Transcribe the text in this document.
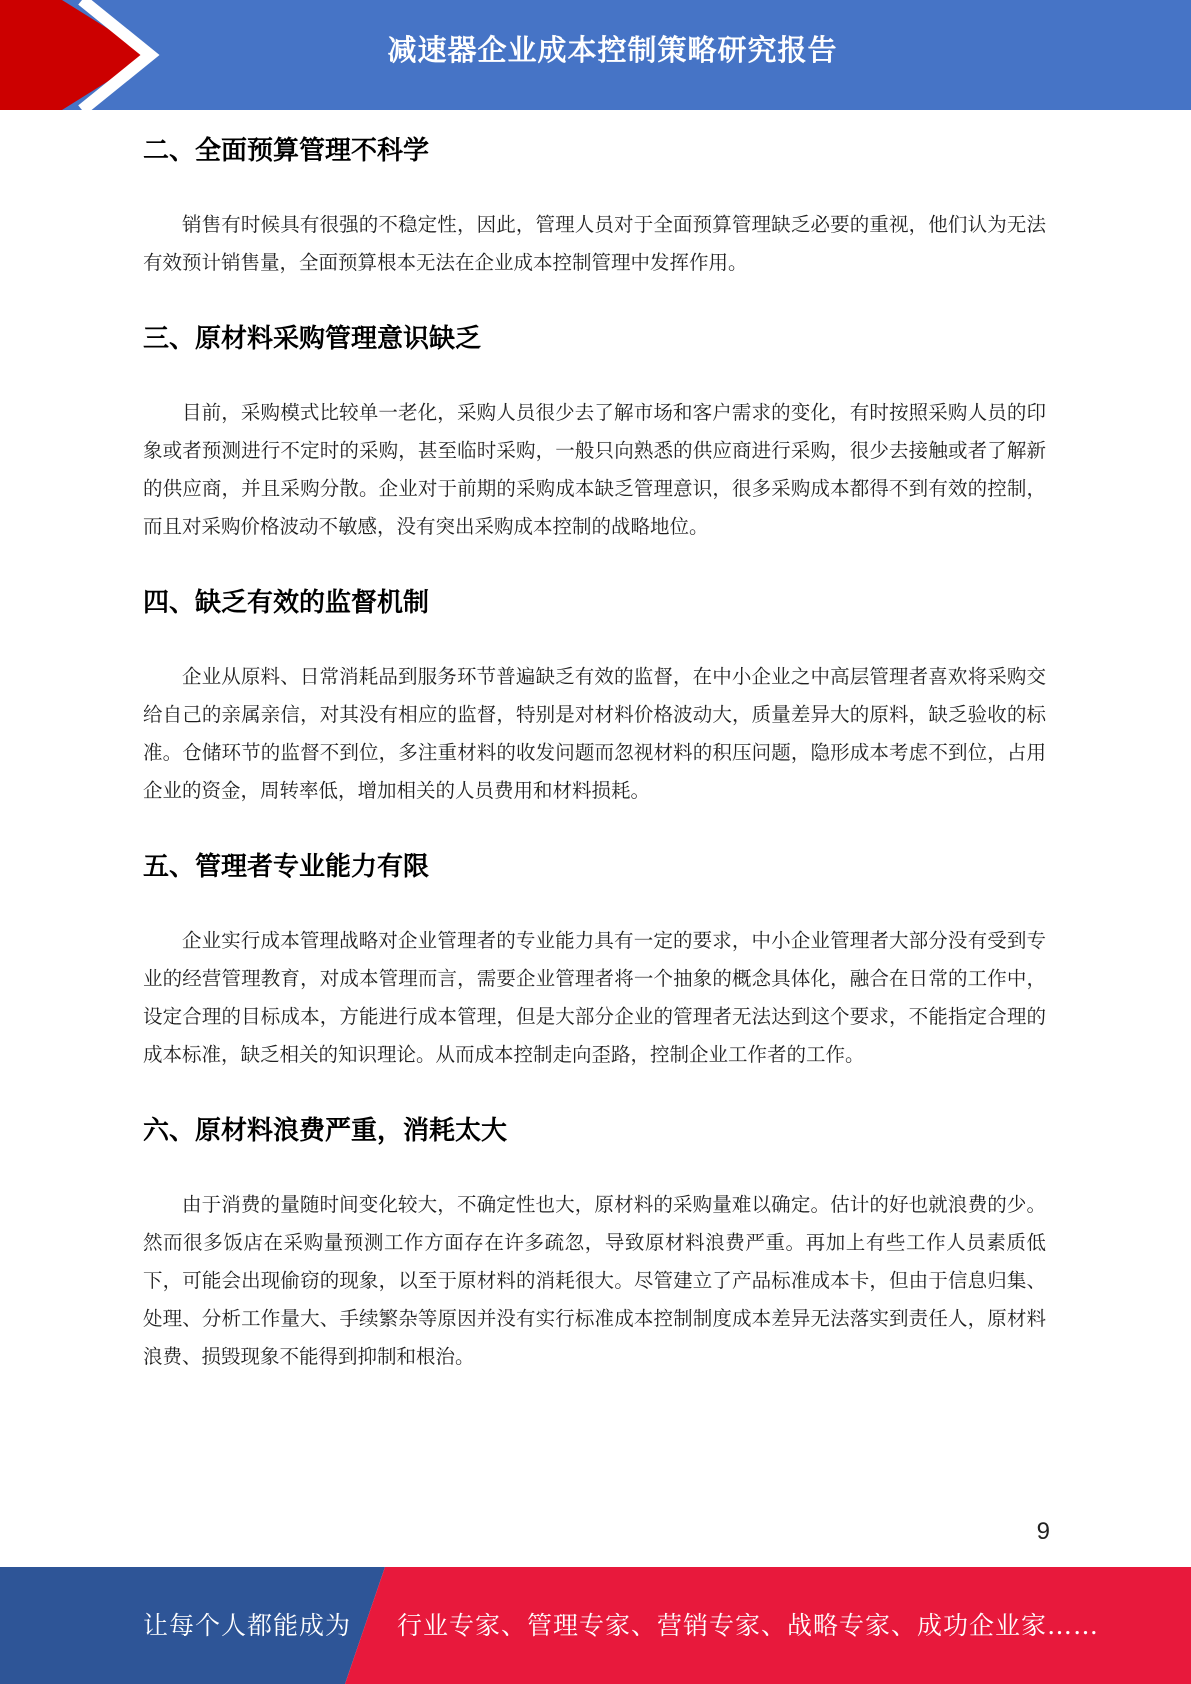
减速器企业成本控制策略研究报告
二、全面预算管理不科学

销售有时候具有很强的不稳定性，因此，管理人员对于全面预算管理缺乏必要的重视，他们认为无法有效预计销售量，全面预算根本无法在企业成本控制管理中发挥作用。

三、原材料采购管理意识缺乏

目前，采购模式比较单一老化，采购人员很少去了解市场和客户需求的变化，有时按照采购人员的印象或者预测进行不定时的采购，甚至临时采购，一般只向熟悉的供应商进行采购，很少去接触或者了解新的供应商，并且采购分散。企业对于前期的采购成本缺乏管理意识，很多采购成本都得不到有效的控制，而且对采购价格波动不敏感，没有突出采购成本控制的战略地位。

四、缺乏有效的监督机制

企业从原料、日常消耗品到服务环节普遍缺乏有效的监督，在中小企业之中高层管理者喜欢将采购交给自己的亲属亲信，对其没有相应的监督，特别是对材料价格波动大，质量差异大的原料，缺乏验收的标准。仓储环节的监督不到位，多注重材料的收发问题而忽视材料的积压问题，隐形成本考虑不到位，占用企业的资金，周转率低，增加相关的人员费用和材料损耗。

五、管理者专业能力有限

企业实行成本管理战略对企业管理者的专业能力具有一定的要求，中小企业管理者大部分没有受到专业的经营管理教育，对成本管理而言，需要企业管理者将一个抽象的概念具体化，融合在日常的工作中，设定合理的目标成本，方能进行成本管理，但是大部分企业的管理者无法达到这个要求，不能指定合理的成本标准，缺乏相关的知识理论。从而成本控制走向歪路，控制企业工作者的工作。

六、原材料浪费严重，消耗太大

由于消费的量随时间变化较大，不确定性也大，原材料的采购量难以确定。估计的好也就浪费的少。然而很多饭店在采购量预测工作方面存在许多疏忽，导致原材料浪费严重。再加上有些工作人员素质低下，可能会出现偷窃的现象，以至于原材料的消耗很大。尽管建立了产品标准成本卡，但由于信息归集、处理、分析工作量大、手续繁杂等原因并没有实行标准成本控制制度成本差异无法落实到责任人，原材料浪费、损毁现象不能得到抑制和根治。

9
让每个人都能成为 行业专家、管理专家、营销专家、战略专家、成功企业家……
